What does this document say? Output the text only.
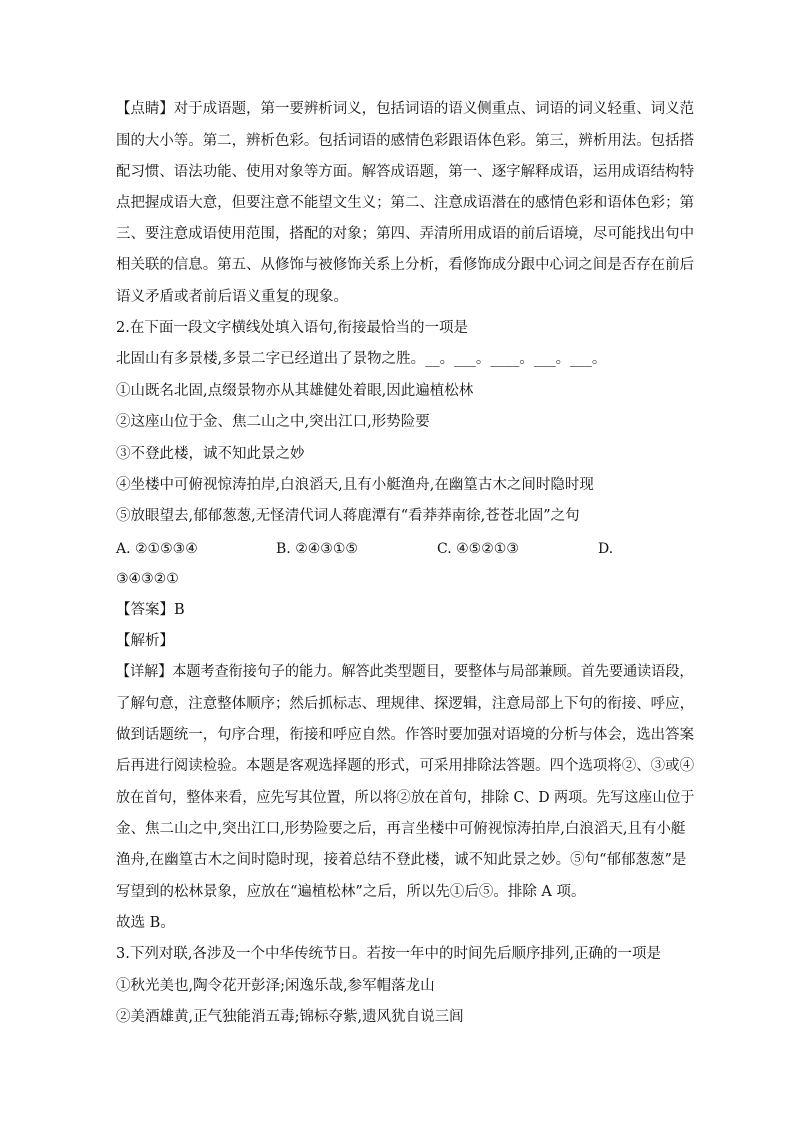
【点睛】对于成语题，第一要辨析词义，包括词语的语义侧重点、词语的词义轻重、词义范
围的大小等。第二，辨析色彩。包括词语的感情色彩跟语体色彩。第三，辨析用法。包括搭
配习惯、语法功能、使用对象等方面。解答成语题，第一、逐字解释成语，运用成语结构特
点把握成语大意，但要注意不能望文生义；第二、注意成语潜在的感情色彩和语体色彩；第
三、要注意成语使用范围，搭配的对象；第四、弄清所用成语的前后语境，尽可能找出句中
相关联的信息。第五、从修饰与被修饰关系上分析，看修饰成分跟中心词之间是否存在前后
语义矛盾或者前后语义重复的现象。
2.在下面一段文字横线处填入语句,衔接最恰当的一项是
北固山有多景楼,多景二字已经道出了景物之胜。__。___。____。___。___。
①山既名北固,点缀景物亦从其雄健处着眼,因此遍植松林
②这座山位于金、焦二山之中,突出江口,形势险要
③不登此楼，诚不知此景之妙
④坐楼中可俯视惊涛拍岸,白浪滔天,且有小艇渔舟,在幽篁古木之间时隐时现
⑤放眼望去,郁郁葱葱,无怪清代词人蒋鹿潭有“看莽莽南徐,苍苍北固”之句
A. ②①⑤③④	B. ②④③①⑤	C. ④⑤②①③	D.
③④③②①
【答案】B
【解析】
【详解】本题考查衔接句子的能力。解答此类型题目，要整体与局部兼顾。首先要通读语段，
了解句意，注意整体顺序；然后抓标志、理规律、探逻辑，注意局部上下句的衔接、呼应，
做到话题统一，句序合理，衔接和呼应自然。作答时要加强对语境的分析与体会，选出答案
后再进行阅读检验。本题是客观选择题的形式，可采用排除法答题。四个选项将②、③或④
放在首句，整体来看，应先写其位置，所以将②放在首句，排除 C、D 两项。先写这座山位于
金、焦二山之中,突出江口,形势险要之后，再言坐楼中可俯视惊涛拍岸,白浪滔天,且有小艇
渔舟,在幽篁古木之间时隐时现，接着总结不登此楼，诚不知此景之妙。⑤句“郁郁葱葱”是
写望到的松林景象，应放在“遍植松林”之后，所以先①后⑤。排除 A 项。
故选 B。
3.下列对联,各涉及一个中华传统节日。若按一年中的时间先后顺序排列,正确的一项是
①秋光美也,陶令花开彭泽;闲逸乐哉,参军帽落龙山
②美酒雄黄,正气独能消五毒;锦标夺紫,遗风犹自说三闾
